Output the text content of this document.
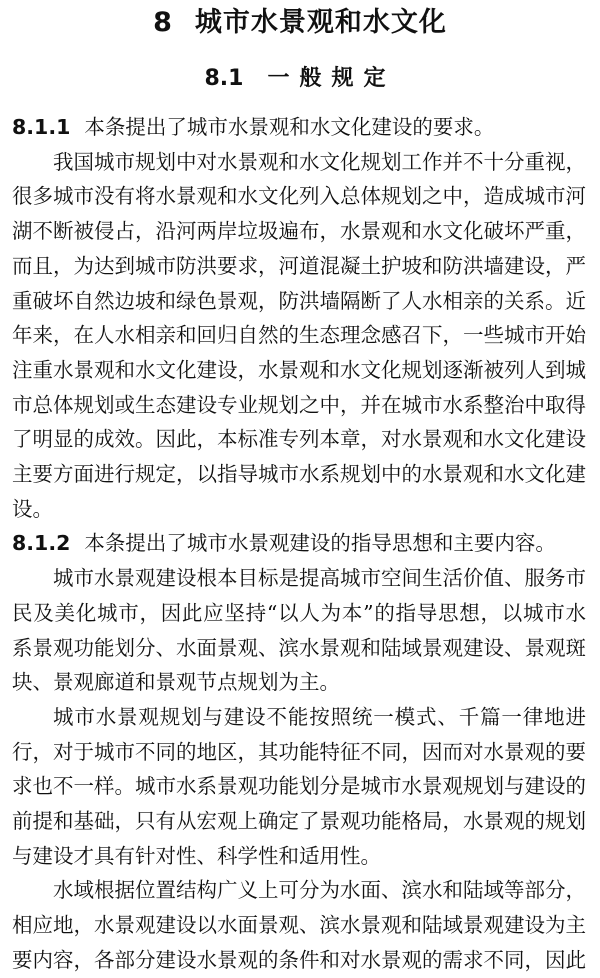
8 城市水景观和水文化
8.1 一般规定

8.1.1 本条提出了城市水景观和水文化建设的要求。

我国城市规划中对水景观和水文化规划工作并不十分重视，很多城市没有将水景观和水文化列入总体规划之中，造成城市河湖不断被侵占，沿河两岸垃圾遍布，水景观和水文化破坏严重，而且，为达到城市防洪要求，河道混凝土护坡和防洪墙建设，严重破坏自然边坡和绿色景观，防洪墙隔断了人水相亲的关系。近年来，在人水相亲和回归自然的生态理念感召下，一些城市开始注重水景观和水文化建设，水景观和水文化规划逐渐被列人到城市总体规划或生态建设专业规划之中，并在城市水系整治中取得了明显的成效。因此，本标准专列本章，对水景观和水文化建设主要方面进行规定，以指导城市水系规划中的水景观和水文化建设。

8.1.2 本条提出了城市水景观建设的指导思想和主要内容。

城市水景观建设根本目标是提高城市空间生活价值、服务市民及美化城市，因此应坚持“以人为本”的指导思想，以城市水系景观功能划分、水面景观、滨水景观和陆域景观建设、景观斑块、景观廊道和景观节点规划为主。

城市水景观规划与建设不能按照统一模式、千篇一律地进行，对于城市不同的地区，其功能特征不同，因而对水景观的要求也不一样。城市水系景观功能划分是城市水景观规划与建设的前提和基础，只有从宏观上确定了景观功能格局，水景观的规划与建设才具有针对性、科学性和适用性。

水域根据位置结构广义上可分为水面、滨水和陆域等部分，相应地，水景观建设以水面景观、滨水景观和陆域景观建设为主要内容，各部分建设水景观的条件和对水景观的需求不同，因此
